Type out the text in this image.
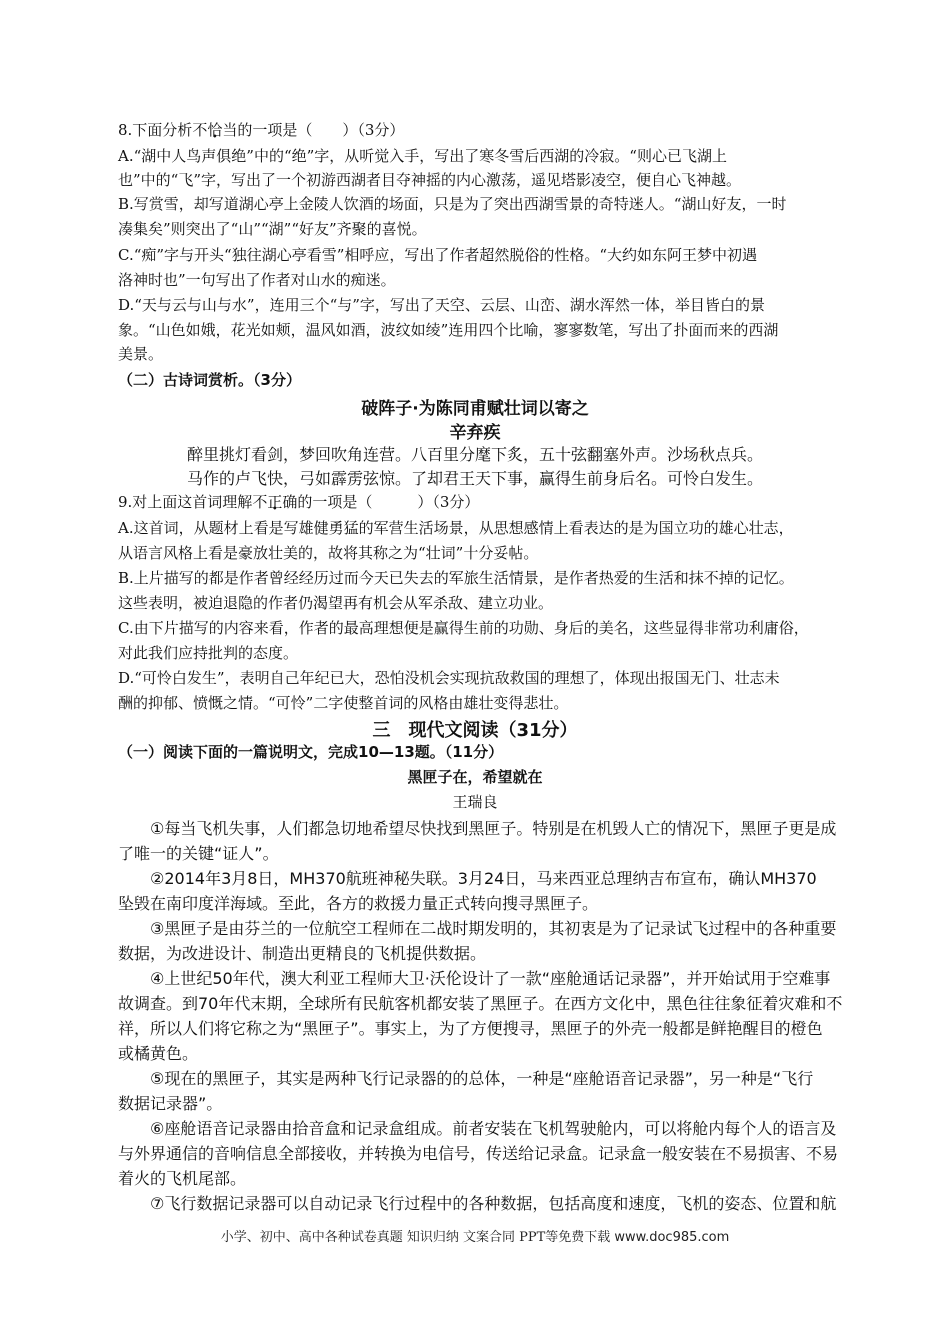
8.下面分析不恰当的一项是（　　）（3分）

A.“湖中人鸟声俱绝”中的“绝”字，从听觉入手，写出了寒冬雪后西湖的冷寂。“则心已飞湖上

也”中的“飞”字，写出了一个初游西湖者目夺神摇的内心激荡，遥见塔影凌空，便自心飞神越。

B.写赏雪，却写道湖心亭上金陵人饮酒的场面，只是为了突出西湖雪景的奇特迷人。“湖山好友，一时

凑集矣”则突出了“山”“湖”“好友”齐聚的喜悦。

C.“痴”字与开头“独往湖心亭看雪”相呼应，写出了作者超然脱俗的性格。“大约如东阿王梦中初遇

洛神时也”一句写出了作者对山水的痴迷。

D.“天与云与山与水”，连用三个“与”字，写出了天空、云层、山峦、湖水浑然一体，举目皆白的景

象。“山色如娥，花光如颊，温风如酒，波纹如绫”连用四个比喻，寥寥数笔，写出了扑面而来的西湖

美景。

（二）古诗词赏析。（3分）

破阵子·为陈同甫赋壮词以寄之

辛弃疾

醉里挑灯看剑，梦回吹角连营。八百里分麾下炙，五十弦翻塞外声。沙场秋点兵。

马作的卢飞快，弓如霹雳弦惊。了却君王天下事，赢得生前身后名。可怜白发生。

9.对上面这首词理解不正确的一项是（　　　）（3分）

A.这首词，从题材上看是写雄健勇猛的军营生活场景，从思想感情上看表达的是为国立功的雄心壮志，

从语言风格上看是豪放壮美的，故将其称之为“壮词”十分妥帖。

B.上片描写的都是作者曾经经历过而今天已失去的军旅生活情景，是作者热爱的生活和抹不掉的记忆。

这些表明，被迫退隐的作者仍渴望再有机会从军杀敌、建立功业。

C.由下片描写的内容来看，作者的最高理想便是赢得生前的功勋、身后的美名，这些显得非常功利庸俗，

对此我们应持批判的态度。

D.“可怜白发生”，表明自己年纪已大，恐怕没机会实现抗敌救国的理想了，体现出报国无门、壮志未

酬的抑郁、愤慨之情。“可怜”二字使整首词的风格由雄壮变得悲壮。

三　现代文阅读（31分）

（一）阅读下面的一篇说明文，完成10—13题。（11分）

黑匣子在，希望就在

王瑞良

①每当飞机失事，人们都急切地希望尽快找到黑匣子。特别是在机毁人亡的情况下，黑匣子更是成

了唯一的关键“证人”。

②2014年3月8日，MH370航班神秘失联。3月24日，马来西亚总理纳吉布宣布，确认MH370

坠毁在南印度洋海域。至此，各方的救援力量正式转向搜寻黑匣子。

③黑匣子是由芬兰的一位航空工程师在二战时期发明的，其初衷是为了记录试飞过程中的各种重要

数据，为改进设计、制造出更精良的飞机提供数据。

④上世纪50年代，澳大利亚工程师大卫·沃伦设计了一款“座舱通话记录器”，并开始试用于空难事

故调查。到70年代末期，全球所有民航客机都安装了黑匣子。在西方文化中，黑色往往象征着灾难和不

祥，所以人们将它称之为“黑匣子”。事实上，为了方便搜寻，黑匣子的外壳一般都是鲜艳醒目的橙色

或橘黄色。

⑤现在的黑匣子，其实是两种飞行记录器的的总体，一种是“座舱语音记录器”，另一种是“飞行

数据记录器”。

⑥座舱语音记录器由拾音盒和记录盒组成。前者安装在飞机驾驶舱内，可以将舱内每个人的语言及

与外界通信的音响信息全部接收，并转换为电信号，传送给记录盒。记录盒一般安装在不易损害、不易

着火的飞机尾部。

⑦飞行数据记录器可以自动记录飞行过程中的各种数据，包括高度和速度，飞机的姿态、位置和航

小学、初中、高中各种试卷真题 知识归纳 文案合同 PPT等免费下载 www.doc985.com
